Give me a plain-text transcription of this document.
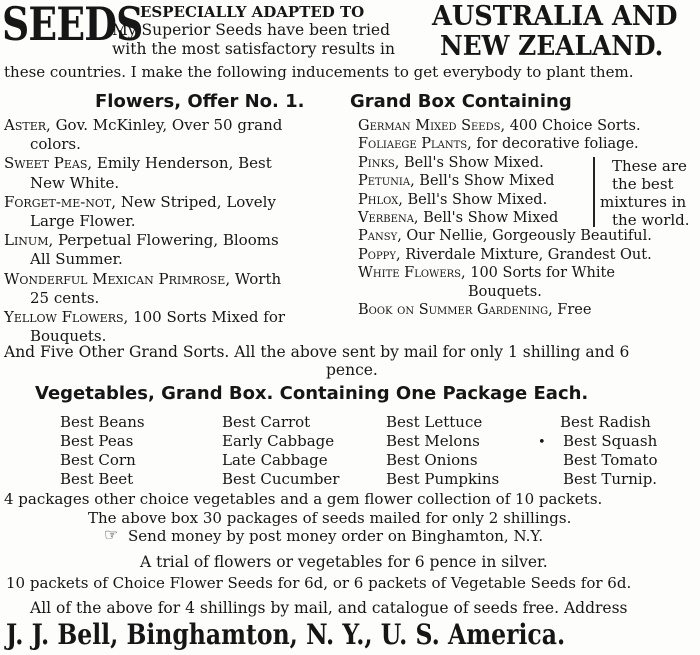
SEEDS
ESPECIALLY ADAPTED TO
My Superior Seeds have been tried
with the most satisfactory results in
AUSTRALIA AND
NEW ZEALAND.
these countries. I make the following inducements to get everybody to plant them.
Flowers, Offer No. 1.
Aster, Gov. McKinley, Over 50 grand
colors.
Sweet Peas, Emily Henderson, Best
New White.
Forget-me-not, New Striped, Lovely
Large Flower.
Linum, Perpetual Flowering, Blooms
All Summer.
Wonderful Mexican Primrose, Worth
25 cents.
Yellow Flowers, 100 Sorts Mixed for
Bouquets.
Grand Box Containing
German Mixed Seeds, 400 Choice Sorts.
Foliaege Plants, for decorative foliage.
Pinks, Bell's Show Mixed.
Petunia, Bell's Show Mixed
Phlox, Bell's Show Mixed.
Verbena, Bell's Show Mixed
Pansy, Our Nellie, Gorgeously Beautiful.
Poppy, Riverdale Mixture, Grandest Out.
White Flowers, 100 Sorts for White
Bouquets.
Book on Summer Gardening, Free
These are
the best
mixtures in
the world.
And Five Other Grand Sorts. All the above sent by mail for only 1 shilling and 6
pence.
Vegetables, Grand Box. Containing One Package Each.
Best Beans
Best Peas
Best Corn
Best Beet
Best Carrot
Early Cabbage
Late Cabbage
Best Cucumber
Best Lettuce
Best Melons
Best Onions
Best Pumpkins
Best Radish
Best Squash
Best Tomato
Best Turnip.
•
4 packages other choice vegetables and a gem flower collection of 10 packets.
The above box 30 packages of seeds mailed for only 2 shillings.
☞ Send money by post money order on Binghamton, N.Y.
A trial of flowers or vegetables for 6 pence in silver.
10 packets of Choice Flower Seeds for 6d, or 6 packets of Vegetable Seeds for 6d.
All of the above for 4 shillings by mail, and catalogue of seeds free. Address
J. J. Bell, Binghamton, N. Y., U. S. America.
